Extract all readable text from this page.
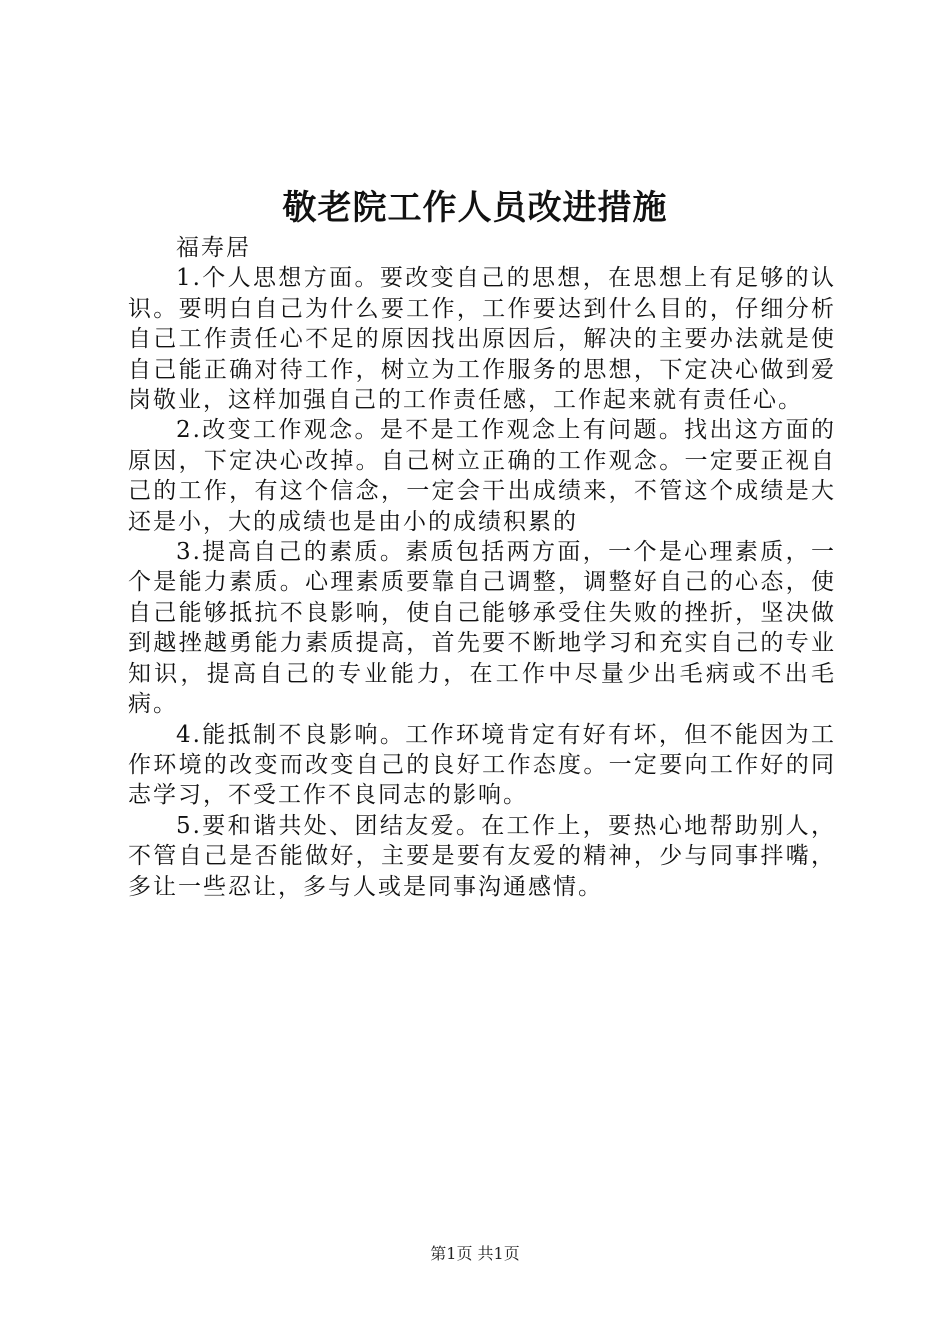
敬老院工作人员改进措施

福寿居

1.个人思想方面。要改变自己的思想，在思想上有足够的认识。要明白自己为什么要工作，工作要达到什么目的，仔细分析自己工作责任心不足的原因找出原因后，解决的主要办法就是使自己能正确对待工作，树立为工作服务的思想，下定决心做到爱岗敬业，这样加强自己的工作责任感，工作起来就有责任心。

2.改变工作观念。是不是工作观念上有问题。找出这方面的原因，下定决心改掉。自己树立正确的工作观念。一定要正视自己的工作，有这个信念，一定会干出成绩来，不管这个成绩是大还是小，大的成绩也是由小的成绩积累的

3.提高自己的素质。素质包括两方面，一个是心理素质，一个是能力素质。心理素质要靠自己调整，调整好自己的心态，使自己能够抵抗不良影响，使自己能够承受住失败的挫折，坚决做到越挫越勇能力素质提高，首先要不断地学习和充实自己的专业知识，提高自己的专业能力，在工作中尽量少出毛病或不出毛病。

4.能抵制不良影响。工作环境肯定有好有坏，但不能因为工作环境的改变而改变自己的良好工作态度。一定要向工作好的同志学习，不受工作不良同志的影响。

5.要和谐共处、团结友爱。在工作上，要热心地帮助别人，不管自己是否能做好，主要是要有友爱的精神，少与同事拌嘴，多让一些忍让，多与人或是同事沟通感情。

第1页 共1页
